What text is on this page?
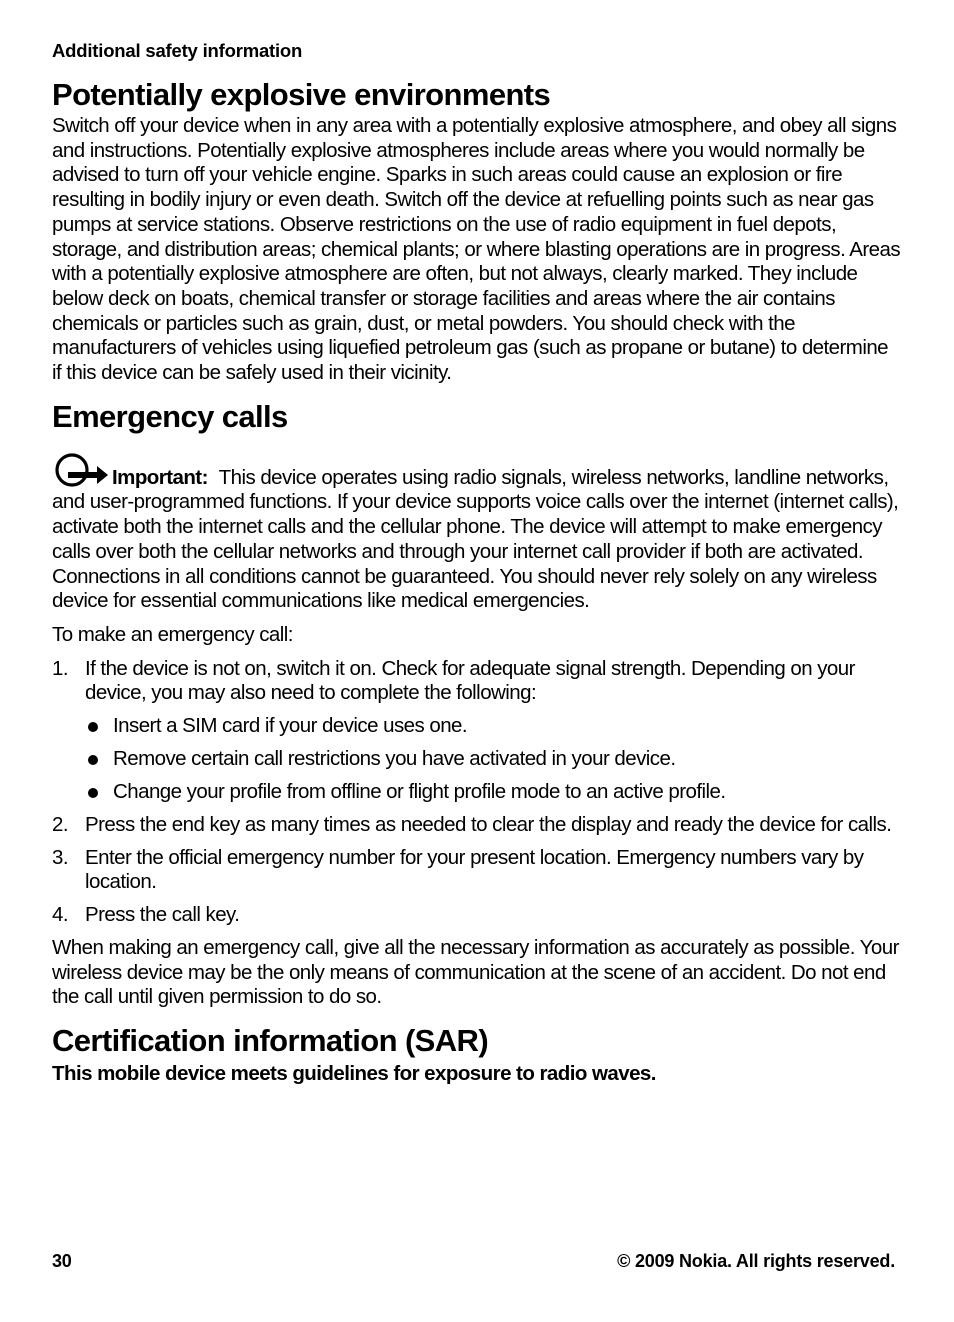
Additional safety information
Potentially explosive environments

Switch off your device when in any area with a potentially explosive atmosphere, and obey all signs and instructions. Potentially explosive atmospheres include areas where you would normally be advised to turn off your vehicle engine. Sparks in such areas could cause an explosion or fire resulting in bodily injury or even death. Switch off the device at refuelling points such as near gas pumps at service stations. Observe restrictions on the use of radio equipment in fuel depots, storage, and distribution areas; chemical plants; or where blasting operations are in progress. Areas with a potentially explosive atmosphere are often, but not always, clearly marked. They include below deck on boats, chemical transfer or storage facilities and areas where the air contains chemicals or particles such as grain, dust, or metal powders. You should check with the manufacturers of vehicles using liquefied petroleum gas (such as propane or butane) to determine if this device can be safely used in their vicinity.

Emergency calls

Important: This device operates using radio signals, wireless networks, landline networks, and user-programmed functions. If your device supports voice calls over the internet (internet calls), activate both the internet calls and the cellular phone. The device will attempt to make emergency calls over both the cellular networks and through your internet call provider if both are activated. Connections in all conditions cannot be guaranteed. You should never rely solely on any wireless device for essential communications like medical emergencies.

To make an emergency call:

1. If the device is not on, switch it on. Check for adequate signal strength. Depending on your device, you may also need to complete the following:
Insert a SIM card if your device uses one.
Remove certain call restrictions you have activated in your device.
Change your profile from offline or flight profile mode to an active profile.
2. Press the end key as many times as needed to clear the display and ready the device for calls.
3. Enter the official emergency number for your present location. Emergency numbers vary by location.
4. Press the call key.

When making an emergency call, give all the necessary information as accurately as possible. Your wireless device may be the only means of communication at the scene of an accident. Do not end the call until given permission to do so.

Certification information (SAR)

This mobile device meets guidelines for exposure to radio waves.

30	© 2009 Nokia. All rights reserved.
